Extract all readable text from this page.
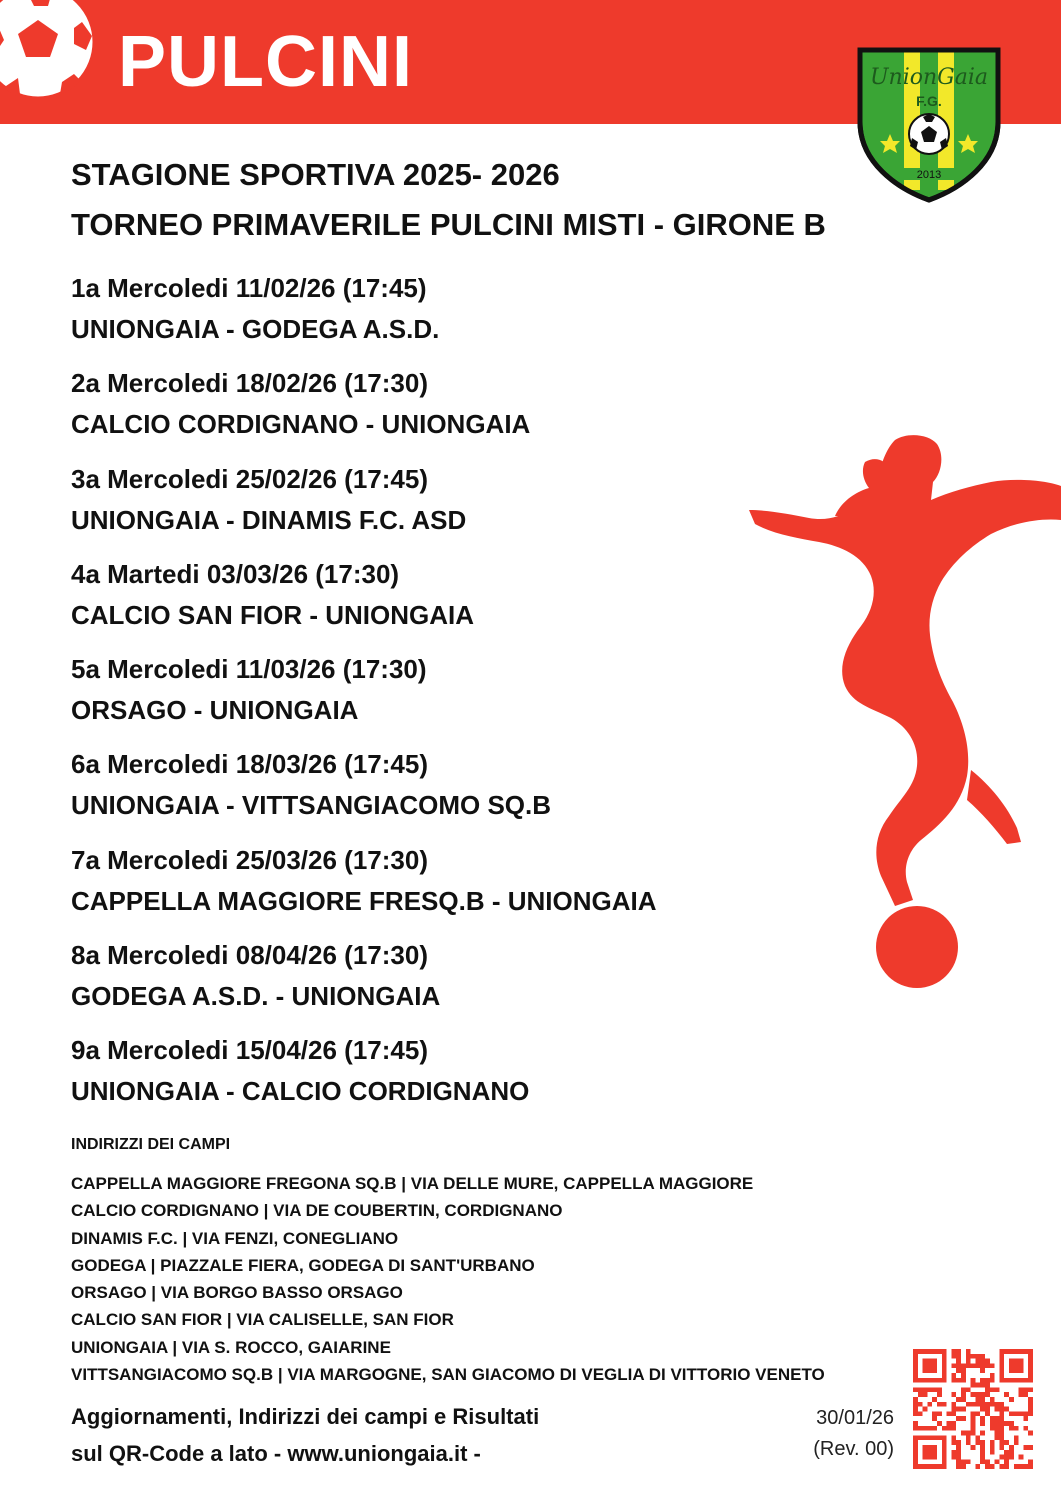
PULCINI	UnionGaia
F.G.
2013
STAGIONE SPORTIVA 2025- 2026
TORNEO PRIMAVERILE PULCINI MISTI - GIRONE B
1a Mercoledi 11/02/26 (17:45)
UNIONGAIA - GODEGA A.S.D.
2a Mercoledi 18/02/26 (17:30)
CALCIO CORDIGNANO - UNIONGAIA
3a Mercoledi 25/02/26 (17:45)
UNIONGAIA - DINAMIS F.C. ASD
4a Martedi 03/03/26 (17:30)
CALCIO SAN FIOR - UNIONGAIA
5a Mercoledi 11/03/26 (17:30)
ORSAGO - UNIONGAIA
6a Mercoledi 18/03/26 (17:45)
UNIONGAIA - VITTSANGIACOMO SQ.B
7a Mercoledi 25/03/26 (17:30)
CAPPELLA MAGGIORE FRESQ.B - UNIONGAIA
8a Mercoledi 08/04/26 (17:30)
GODEGA A.S.D. - UNIONGAIA
9a Mercoledi 15/04/26 (17:45)
UNIONGAIA - CALCIO CORDIGNANO
INDIRIZZI DEI CAMPI
CAPPELLA MAGGIORE FREGONA SQ.B | VIA DELLE MURE, CAPPELLA MAGGIORE
CALCIO CORDIGNANO | VIA DE COUBERTIN, CORDIGNANO
DINAMIS F.C. | VIA FENZI, CONEGLIANO
GODEGA | PIAZZALE FIERA, GODEGA DI SANT'URBANO
ORSAGO | VIA BORGO BASSO ORSAGO
CALCIO SAN FIOR | VIA CALISELLE, SAN FIOR
UNIONGAIA | VIA S. ROCCO, GAIARINE
VITTSANGIACOMO SQ.B | VIA MARGOGNE, SAN GIACOMO DI VEGLIA DI VITTORIO VENETO
Aggiornamenti, Indirizzi dei campi e Risultati
sul QR-Code a lato - www.uniongaia.it -
30/01/26
(Rev. 00)
